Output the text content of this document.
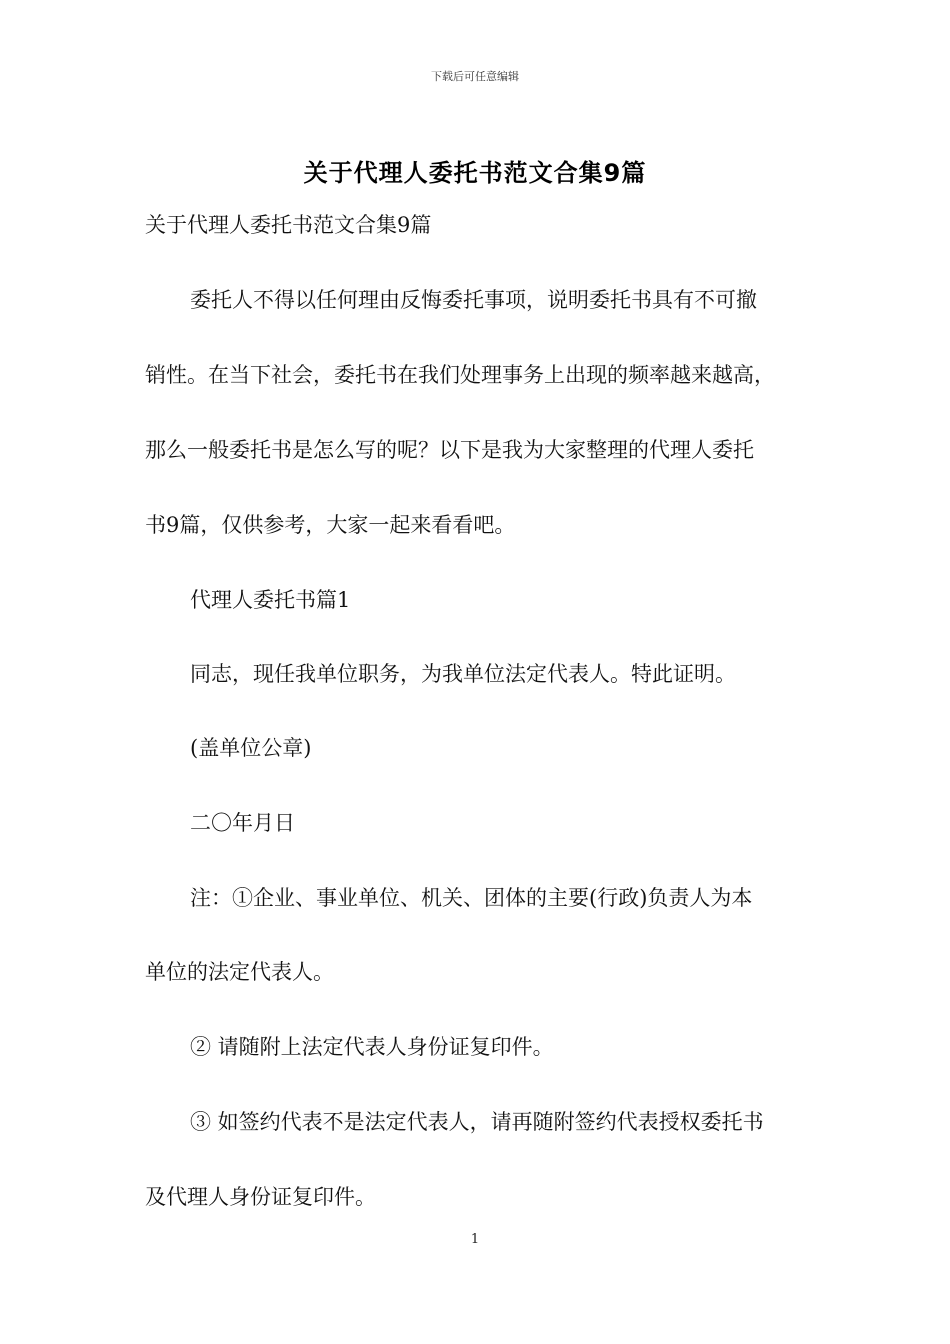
下载后可任意编辑
关于代理人委托书范文合集9篇
关于代理人委托书范文合集9篇
委托人不得以任何理由反悔委托事项，说明委托书具有不可撤
销性。在当下社会，委托书在我们处理事务上出现的频率越来越高，
那么一般委托书是怎么写的呢？以下是我为大家整理的代理人委托
书9篇，仅供参考，大家一起来看看吧。
代理人委托书篇1
同志，现任我单位职务，为我单位法定代表人。特此证明。
(盖单位公章)
二〇年月日
注：①企业、事业单位、机关、团体的主要(行政)负责人为本
单位的法定代表人。
② 请随附上法定代表人身份证复印件。
③ 如签约代表不是法定代表人，请再随附签约代表授权委托书
及代理人身份证复印件。
1
